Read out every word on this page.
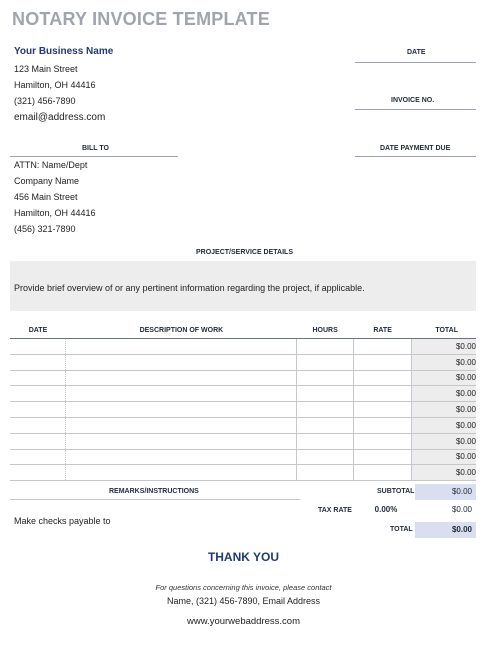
NOTARY INVOICE TEMPLATE
Your Business Name
123 Main Street
Hamilton, OH 44416
(321) 456-7890
email@address.com
DATE
INVOICE NO.
BILL TO
ATTN: Name/Dept
Company Name
456 Main Street
Hamilton, OH 44416
(456) 321-7890
DATE PAYMENT DUE
PROJECT/SERVICE DETAILS
Provide brief overview of or any pertinent information regarding the project, if applicable.
DATE	DESCRIPTION OF WORK	HOURS	RATE	TOTAL
				$0.00
				$0.00
				$0.00
				$0.00
				$0.00
				$0.00
				$0.00
				$0.00
				$0.00
REMARKS/INSTRUCTIONS	SUBTOTAL	$0.00
TAX RATE	0.00%	$0.00
TOTAL	$0.00
Make checks payable to
THANK YOU
For questions concerning this invoice, please contact
Name, (321) 456-7890, Email Address
www.yourwebaddress.com
